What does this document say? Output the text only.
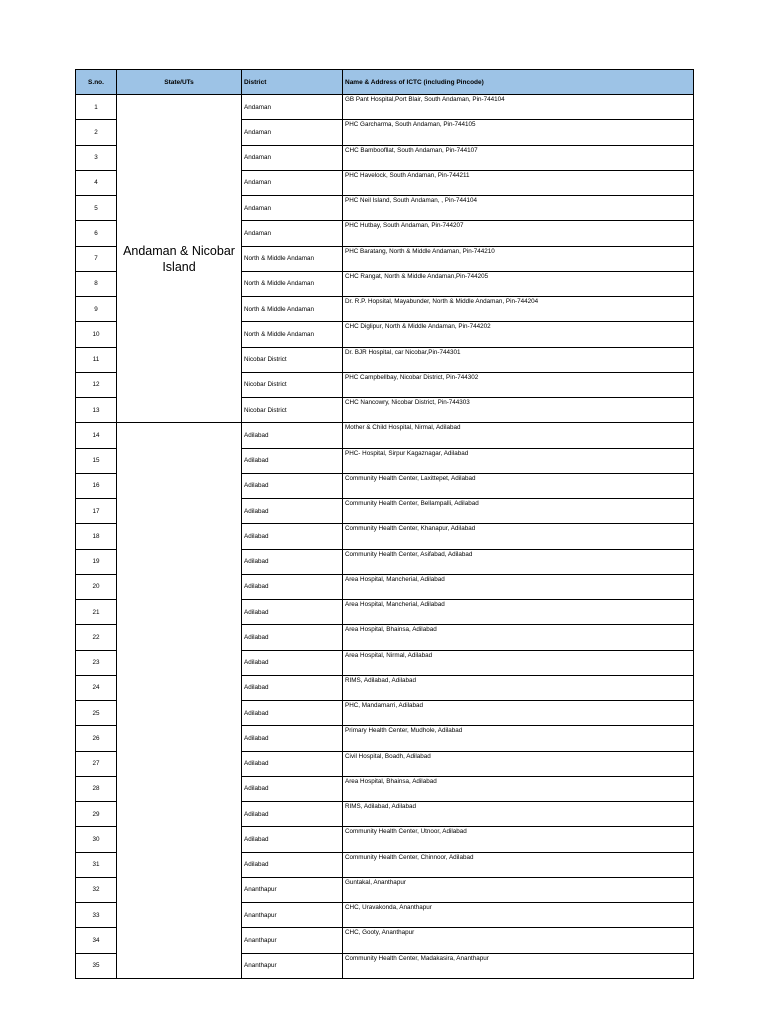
S.no.	State/UTs	District	Name & Address of ICTC (including Pincode)
1	Andaman & Nicobar Island	Andaman	GB Pant Hospital,Port Blair, South Andaman, Pin-744104
2		Andaman	PHC Garcharma, South Andaman, Pin-744105
3		Andaman	CHC Bamboofllat, South Andaman, Pin-744107
4		Andaman	PHC Havelock, South Andaman, Pin-744211
5		Andaman	PHC Neil Island, South Andaman, , Pin-744104
6		Andaman	PHC Hutbay, South Andaman, Pin-744207
7		North & Middle Andaman	PHC Baratang, North & Middle Andaman, Pin-744210
8		North & Middle Andaman	CHC Rangat, North & Middle Andaman,Pin-744205
9		North & Middle Andaman	Dr. R.P. Hopsital, Mayabunder, North & Middle Andaman, Pin-744204
10		North & Middle Andaman	CHC Diglipur, North & Middle Andaman, Pin-744202
11		Nicobar District	Dr. BJR Hospital, car Nicobar,Pin-744301
12		Nicobar District	PHC Campbellbay, Nicobar District, Pin-744302
13		Nicobar District	CHC Nancowry, Nicobar District, Pin-744303
14		Adilabad	Mother & Child Hospital, Nirmal, Adilabad
15		Adilabad	PHC- Hospital, Sirpur Kagaznagar, Adilabad
16		Adilabad	Community Health Center, Laxittepet, Adilabad
17		Adilabad	Community Health Center, Bellampalli, Adilabad
18		Adilabad	Community Health Center, Khanapur, Adilabad
19		Adilabad	Community Health Center, Asifabad, Adilabad
20		Adilabad	Area Hospital, Mancherial, Adilabad
21		Adilabad	Area Hospital, Mancherial, Adilabad
22		Adilabad	Area Hospital, Bhainsa, Adilabad
23		Adilabad	Area Hospital, Nirmal, Adilabad
24		Adilabad	RIMS, Adilabad, Adilabad
25		Adilabad	PHC, Mandamarri, Adilabad
26		Adilabad	Primary Health Center, Mudhole, Adilabad
27		Adilabad	Civil Hospital, Boadh, Adilabad
28		Adilabad	Area Hospital, Bhainsa, Adilabad
29		Adilabad	RIMS, Adilabad, Adilabad
30		Adilabad	Community Health Center, Utnoor, Adilabad
31		Adilabad	Community Health Center, Chinnoor, Adilabad
32		Ananthapur	Guntakal, Ananthapur
33		Ananthapur	CHC, Uravakonda, Ananthapur
34		Ananthapur	CHC, Gooty, Ananthapur
35		Ananthapur	Community Health Center, Madakasira, Ananthapur
